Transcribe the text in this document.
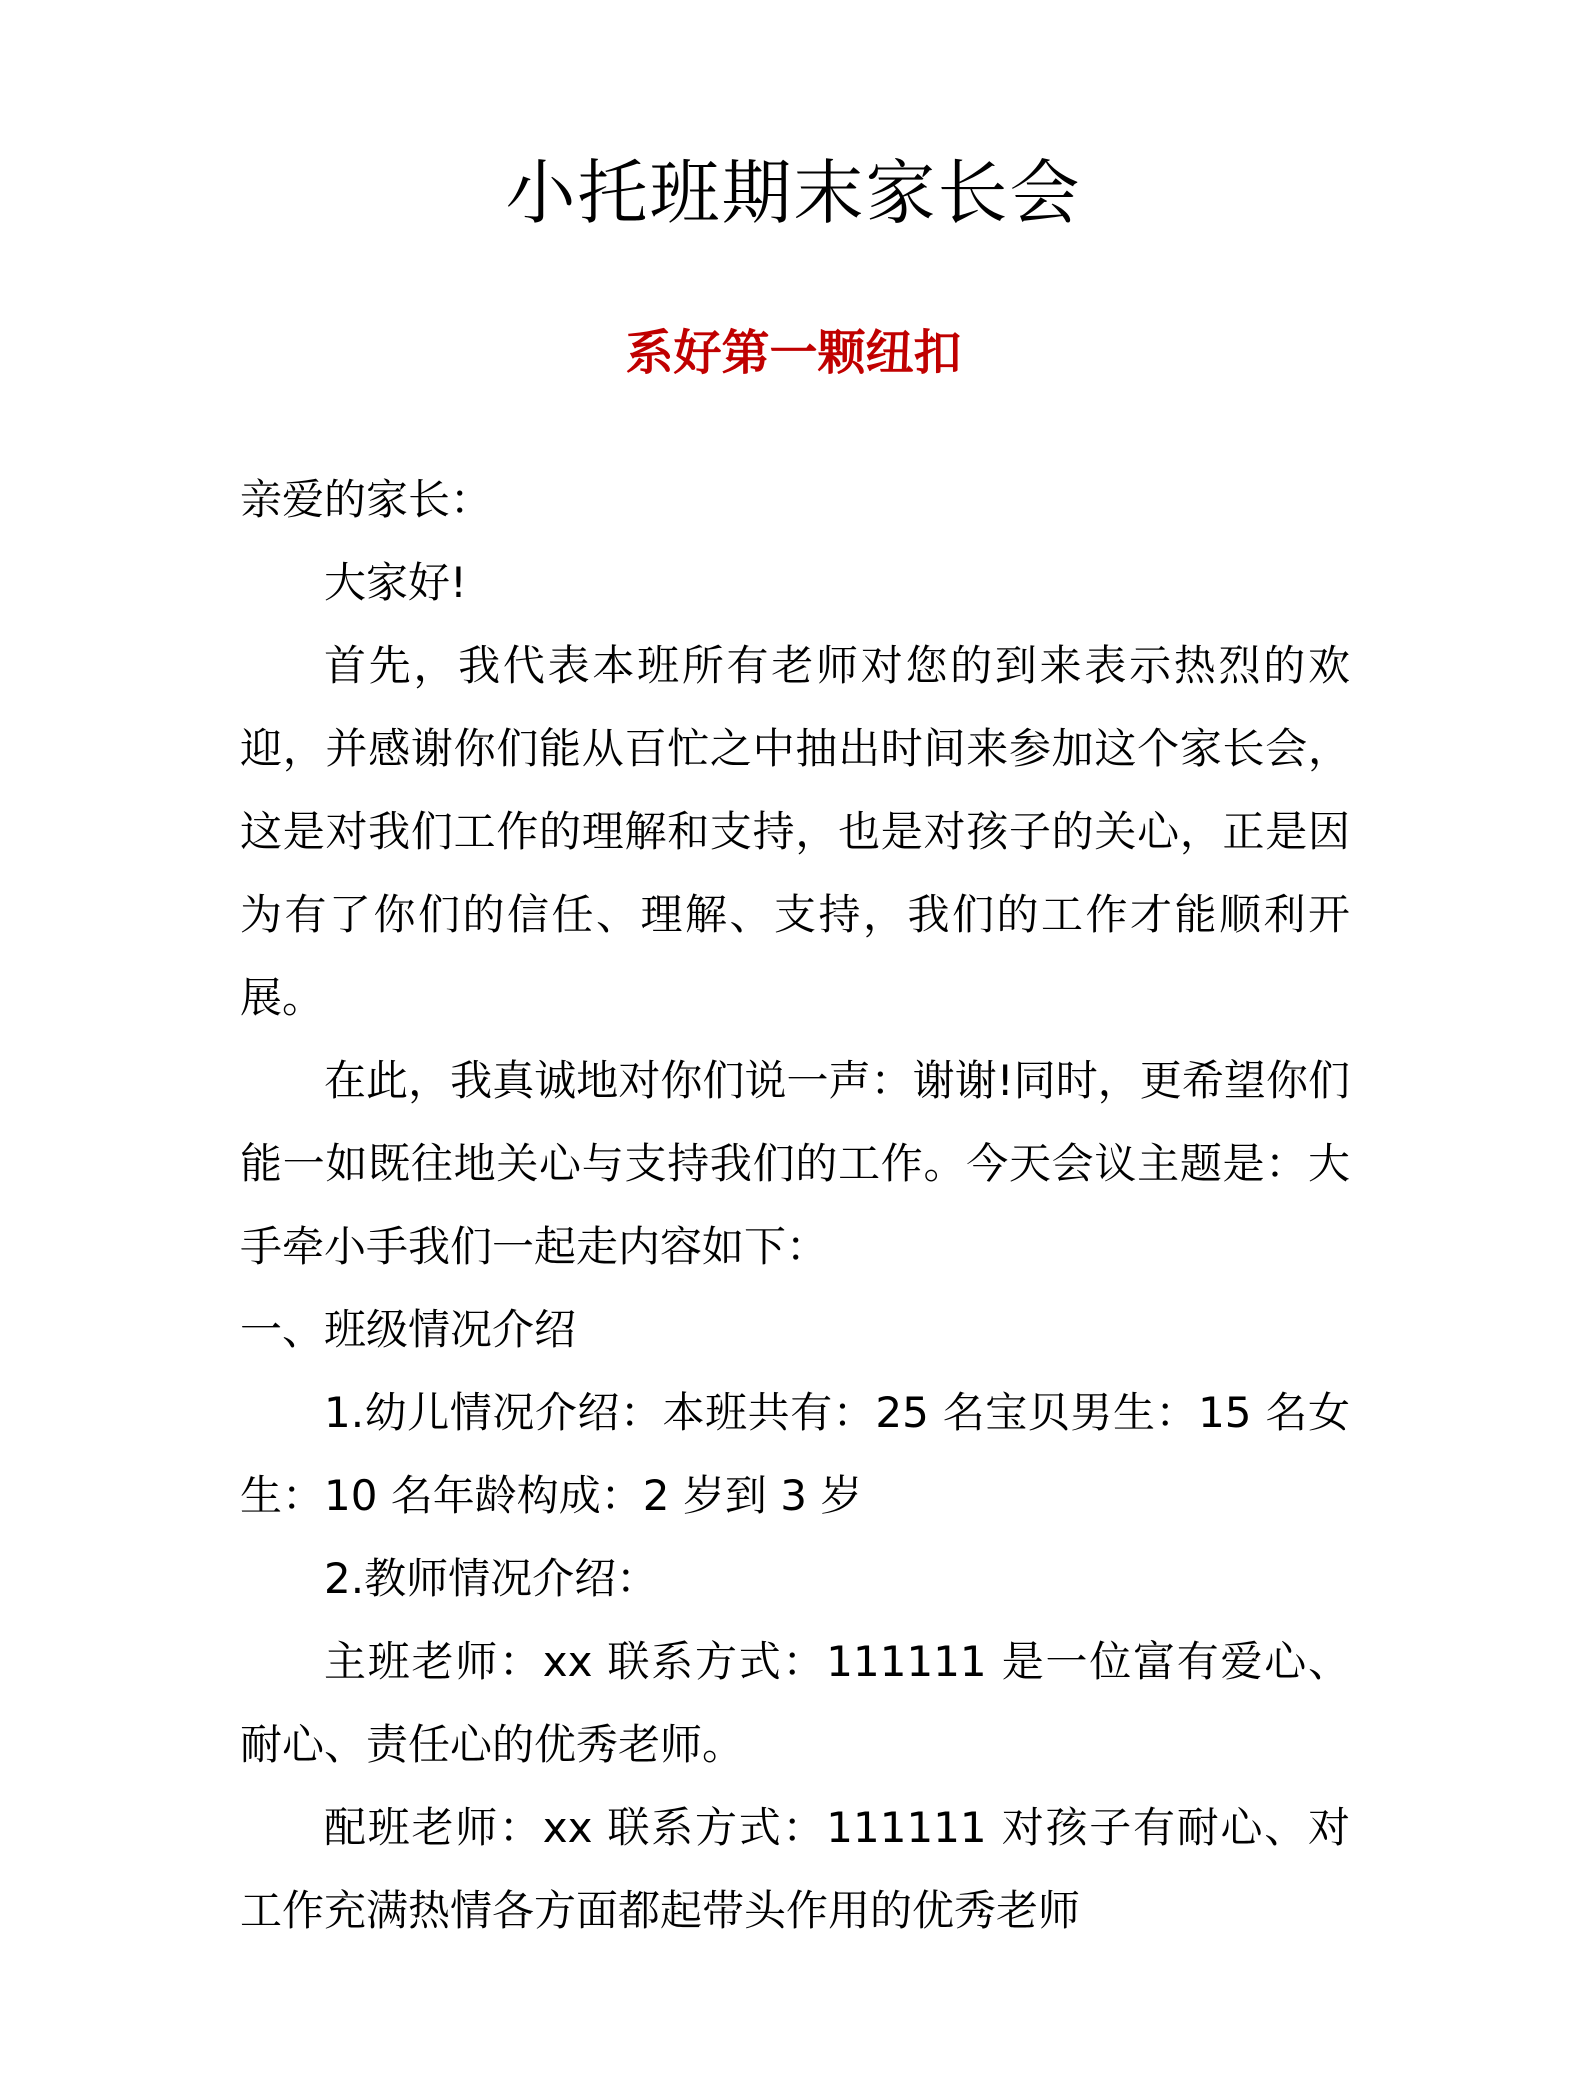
小托班期末家长会
系好第一颗纽扣

亲爱的家长：

大家好!

首先，我代表本班所有老师对您的到来表示热烈的欢迎，并感谢你们能从百忙之中抽出时间来参加这个家长会，这是对我们工作的理解和支持，也是对孩子的关心，正是因为有了你们的信任、理解、支持，我们的工作才能顺利开展。

在此，我真诚地对你们说一声：谢谢!同时，更希望你们能一如既往地关心与支持我们的工作。今天会议主题是：大手牵小手我们一起走内容如下：

一、班级情况介绍

1.幼儿情况介绍：本班共有：25 名宝贝男生：15 名女生：10 名年龄构成：2 岁到 3 岁

2.教师情况介绍：

主班老师：xx 联系方式：111111 是一位富有爱心、耐心、责任心的优秀老师。

配班老师：xx 联系方式：111111 对孩子有耐心、对工作充满热情各方面都起带头作用的优秀老师
